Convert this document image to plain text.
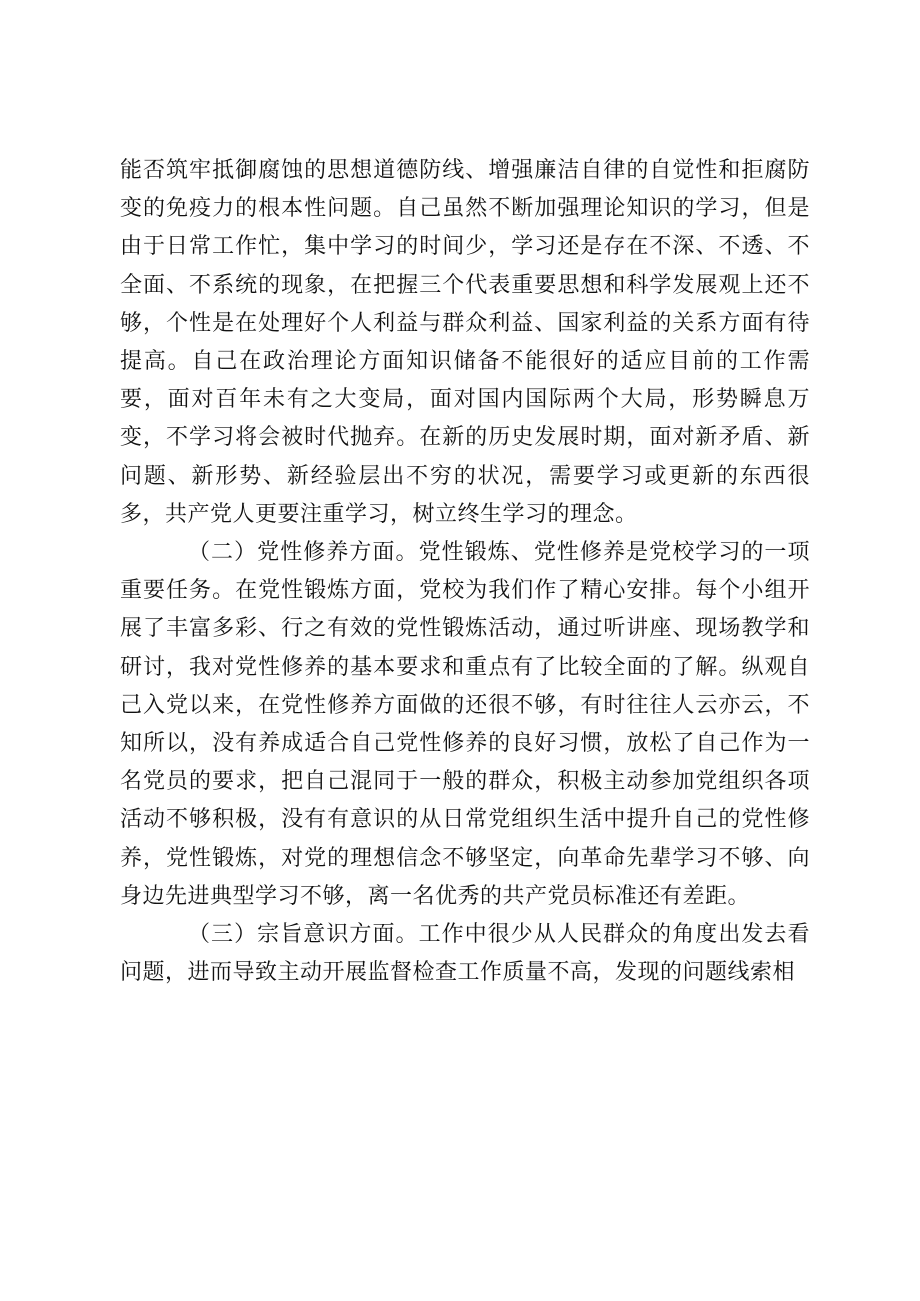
能否筑牢抵御腐蚀的思想道德防线、增强廉洁自律的自觉性和拒腐防变的免疫力的根本性问题。自己虽然不断加强理论知识的学习，但是由于日常工作忙，集中学习的时间少，学习还是存在不深、不透、不全面、不系统的现象，在把握三个代表重要思想和科学发展观上还不够，个性是在处理好个人利益与群众利益、国家利益的关系方面有待提高。自己在政治理论方面知识储备不能很好的适应目前的工作需要，面对百年未有之大变局，面对国内国际两个大局，形势瞬息万变，不学习将会被时代抛弃。在新的历史发展时期，面对新矛盾、新问题、新形势、新经验层出不穷的状况，需要学习或更新的东西很多，共产党人更要注重学习，树立终生学习的理念。

（二）党性修养方面。党性锻炼、党性修养是党校学习的一项重要任务。在党性锻炼方面，党校为我们作了精心安排。每个小组开展了丰富多彩、行之有效的党性锻炼活动，通过听讲座、现场教学和研讨，我对党性修养的基本要求和重点有了比较全面的了解。纵观自己入党以来，在党性修养方面做的还很不够，有时往往人云亦云，不知所以，没有养成适合自己党性修养的良好习惯，放松了自己作为一名党员的要求，把自己混同于一般的群众，积极主动参加党组织各项活动不够积极，没有有意识的从日常党组织生活中提升自己的党性修养，党性锻炼，对党的理想信念不够坚定，向革命先辈学习不够、向身边先进典型学习不够，离一名优秀的共产党员标准还有差距。

（三）宗旨意识方面。工作中很少从人民群众的角度出发去看问题，进而导致主动开展监督检查工作质量不高，发现的问题线索相
